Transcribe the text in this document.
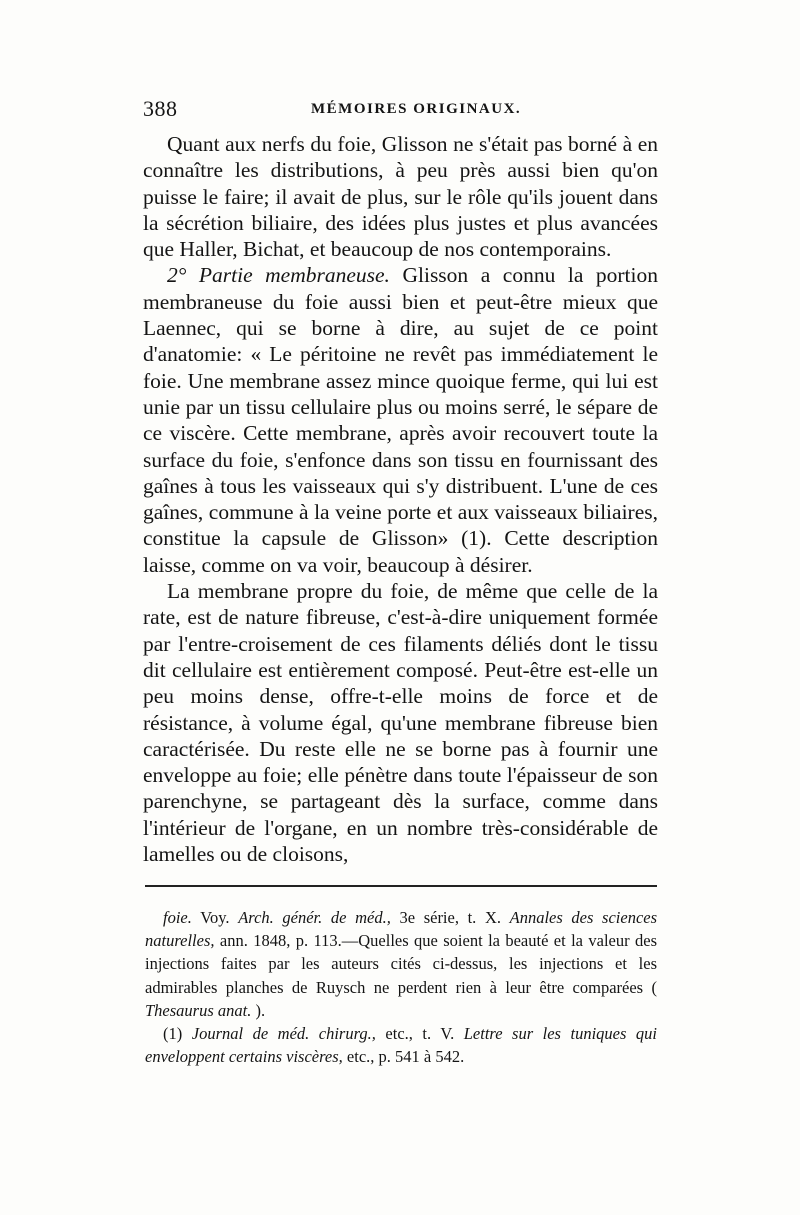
388	MÉMOIRES ORIGINAUX.

Quant aux nerfs du foie, Glisson ne s'était pas borné à en connaître les distributions, à peu près aussi bien qu'on puisse le faire; il avait de plus, sur le rôle qu'ils jouent dans la sécrétion biliaire, des idées plus justes et plus avancées que Haller, Bichat, et beaucoup de nos contemporains.

2° Partie membraneuse. Glisson a connu la portion membraneuse du foie aussi bien et peut-être mieux que Laennec, qui se borne à dire, au sujet de ce point d'anatomie: « Le péritoine ne revêt pas immédiatement le foie. Une membrane assez mince quoique ferme, qui lui est unie par un tissu cellulaire plus ou moins serré, le sépare de ce viscère. Cette membrane, après avoir recouvert toute la surface du foie, s'enfonce dans son tissu en fournissant des gaînes à tous les vaisseaux qui s'y distribuent. L'une de ces gaînes, commune à la veine porte et aux vaisseaux biliaires, constitue la capsule de Glisson» (1). Cette description laisse, comme on va voir, beaucoup à désirer.

La membrane propre du foie, de même que celle de la rate, est de nature fibreuse, c'est-à-dire uniquement formée par l'entre-croisement de ces filaments déliés dont le tissu dit cellulaire est entièrement composé. Peut-être est-elle un peu moins dense, offre-t-elle moins de force et de résistance, à volume égal, qu'une membrane fibreuse bien caractérisée. Du reste elle ne se borne pas à fournir une enveloppe au foie; elle pénètre dans toute l'épaisseur de son parenchyne, se partageant dès la surface, comme dans l'intérieur de l'organe, en un nombre très-considérable de lamelles ou de cloisons,

foie. Voy. Arch. génér. de méd., 3e série, t. X. Annales des sciences naturelles, ann. 1848, p. 113.—Quelles que soient la beauté et la valeur des injections faites par les auteurs cités ci-dessus, les injections et les admirables planches de Ruysch ne perdent rien à leur être comparées ( Thesaurus anat. ).

(1) Journal de méd. chirurg., etc., t. V. Lettre sur les tuniques qui enveloppent certains viscères, etc., p. 541 à 542.
